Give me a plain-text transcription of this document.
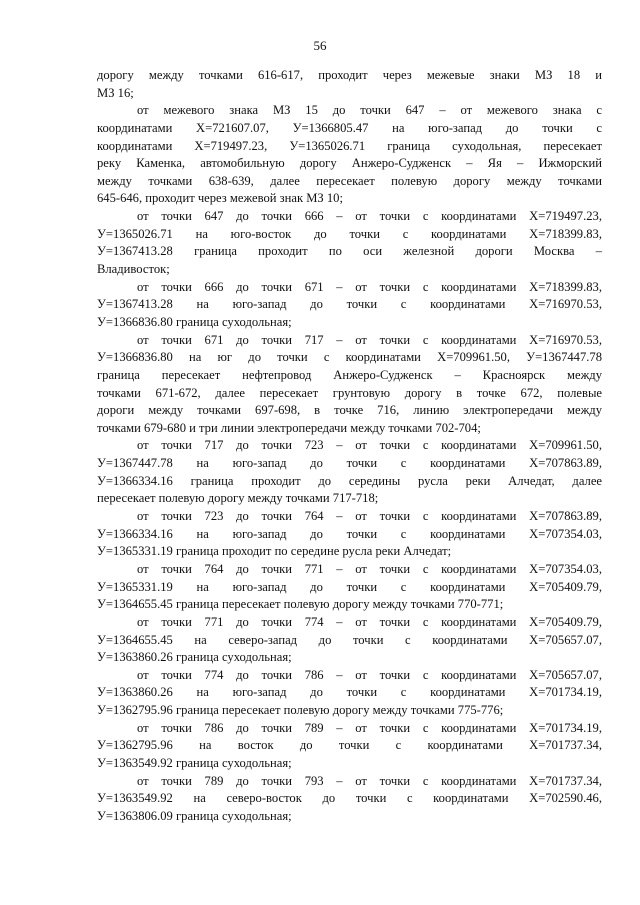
56
дорогу между точками 616-617, проходит через межевые знаки МЗ 18 и
МЗ 16;
от межевого знака МЗ 15 до точки 647 – от межевого знака с
координатами X=721607.07, У=1366805.47 на юго-запад до точки с
координатами X=719497.23, У=1365026.71 граница суходольная, пересекает
реку Каменка, автомобильную дорогу Анжеро-Судженск – Яя – Ижморский
между точками 638-639, далее пересекает полевую дорогу между точками
645-646, проходит через межевой знак МЗ 10;
от точки 647 до точки 666 – от точки с координатами X=719497.23,
У=1365026.71 на юго-восток до точки с координатами X=718399.83,
У=1367413.28 граница проходит по оси железной дороги Москва –
Владивосток;
от точки 666 до точки 671 – от точки с координатами X=718399.83,
У=1367413.28 на юго-запад до точки с координатами X=716970.53,
У=1366836.80 граница суходольная;
от точки 671 до точки 717 – от точки с координатами X=716970.53,
У=1366836.80 на юг до точки с координатами X=709961.50, У=1367447.78
граница пересекает нефтепровод Анжеро-Судженск – Красноярск между
точками 671-672, далее пересекает грунтовую дорогу в точке 672, полевые
дороги между точками 697-698, в точке 716, линию электропередачи между
точками 679-680 и три линии электропередачи между точками 702-704;
от точки 717 до точки 723 – от точки с координатами X=709961.50,
У=1367447.78 на юго-запад до точки с координатами X=707863.89,
У=1366334.16 граница проходит до середины русла реки Алчедат, далее
пересекает полевую дорогу между точками 717-718;
от точки 723 до точки 764 – от точки с координатами X=707863.89,
У=1366334.16 на юго-запад до точки с координатами X=707354.03,
У=1365331.19 граница проходит по середине русла реки Алчедат;
от точки 764 до точки 771 – от точки с координатами X=707354.03,
У=1365331.19 на юго-запад до точки с координатами X=705409.79,
У=1364655.45 граница пересекает полевую дорогу между точками 770-771;
от точки 771 до точки 774 – от точки с координатами X=705409.79,
У=1364655.45 на северо-запад до точки с координатами X=705657.07,
У=1363860.26 граница суходольная;
от точки 774 до точки 786 – от точки с координатами X=705657.07,
У=1363860.26 на юго-запад до точки с координатами X=701734.19,
У=1362795.96 граница пересекает полевую дорогу между точками 775-776;
от точки 786 до точки 789 – от точки с координатами X=701734.19,
У=1362795.96 на восток до точки с координатами X=701737.34,
У=1363549.92 граница суходольная;
от точки 789 до точки 793 – от точки с координатами X=701737.34,
У=1363549.92 на северо-восток до точки с координатами X=702590.46,
У=1363806.09 граница суходольная;
